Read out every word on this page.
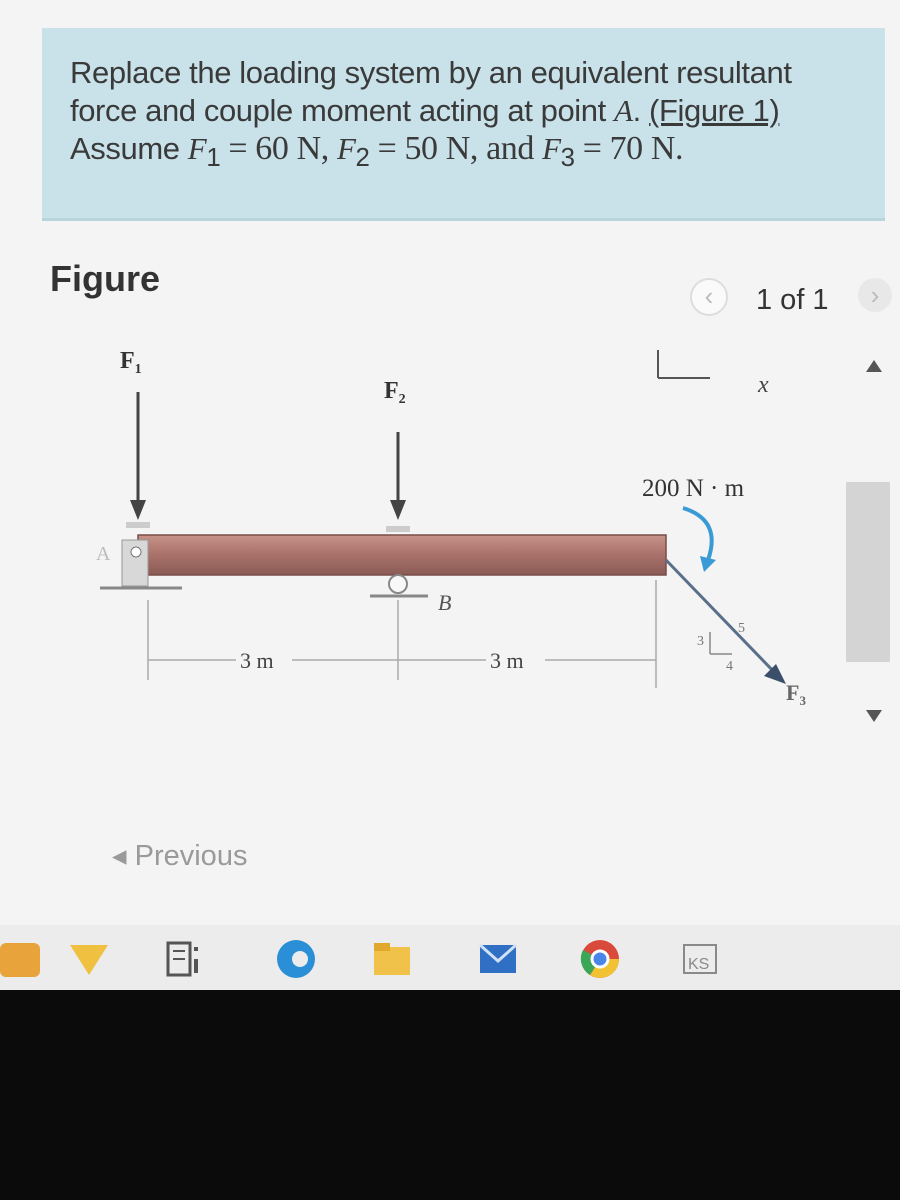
Replace the loading system by an equivalent resultant
force and couple moment acting at point A. (Figure 1)
Assume $F_1 = 60$ N, $F_2 = 50$ N, and $F_3 = 70$ N.
Figure	‹	1 of 1	›
A
B
$F_1$
$F_2$
x
200 N · m
3
4
5
$F_3$
3 m	3 m
◂ Previous
KS
